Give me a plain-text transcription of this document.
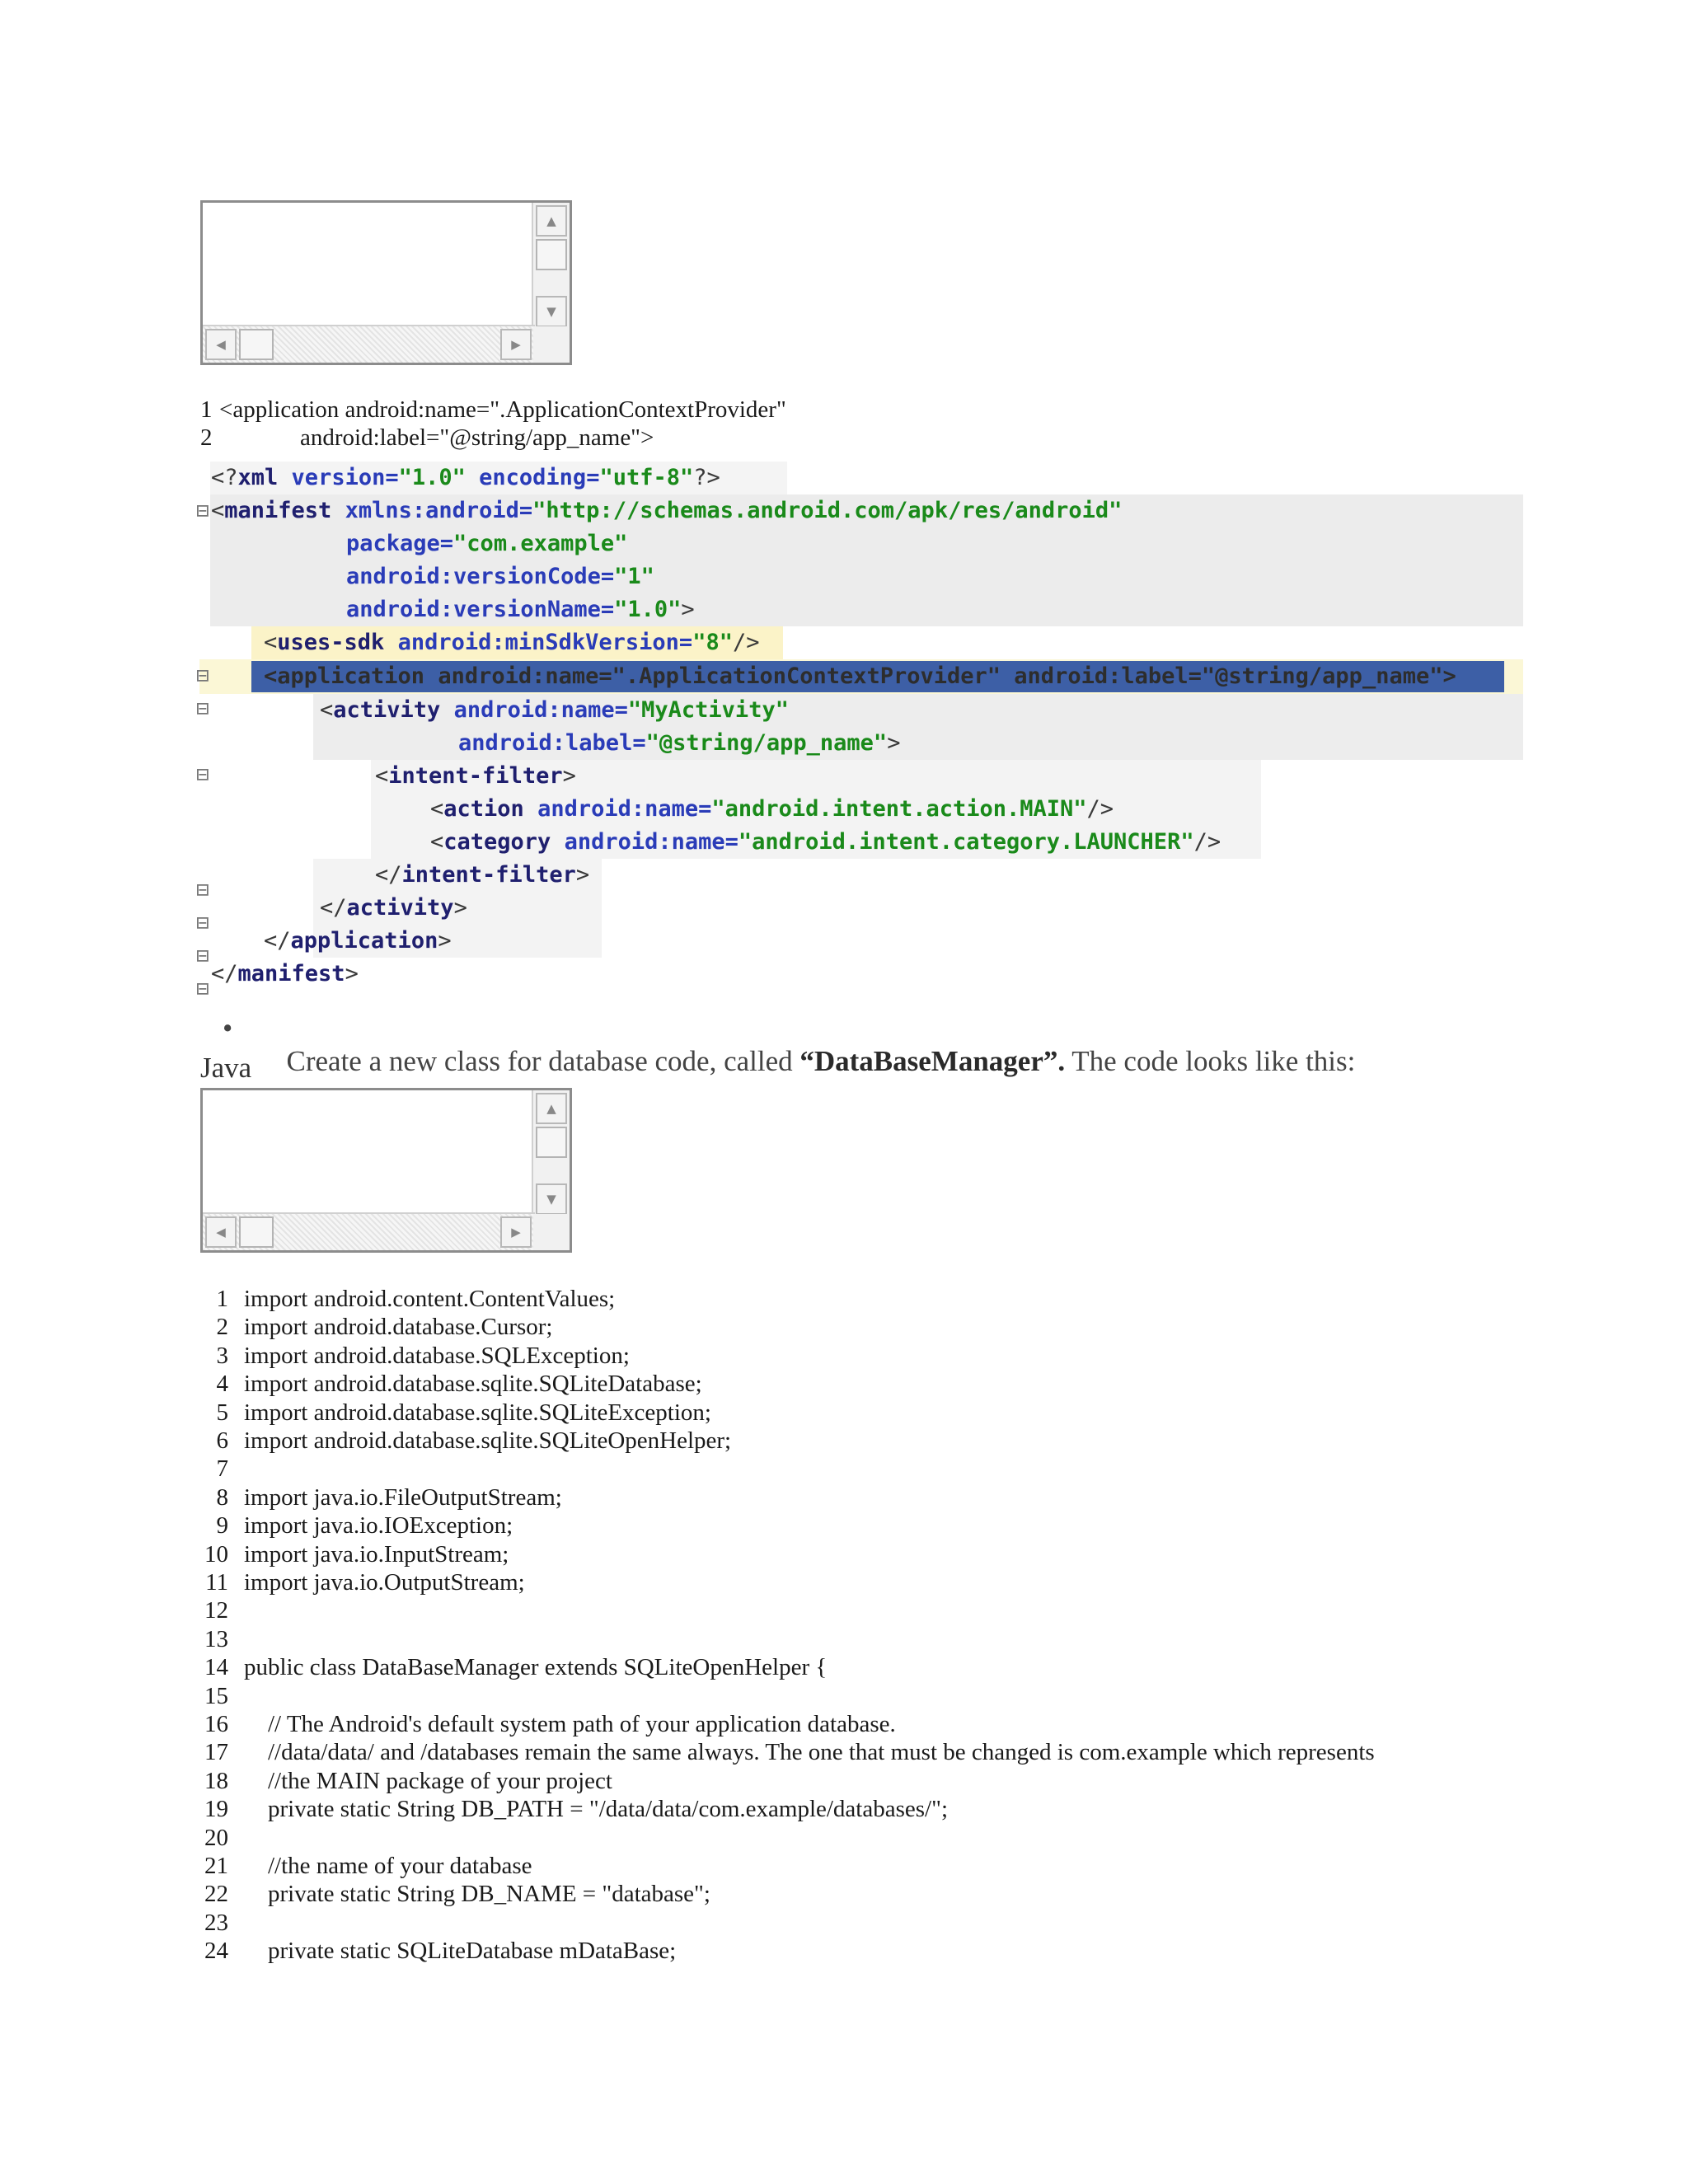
▲
▼
◀	▶
1 <application android:name=".ApplicationContextProvider"
2	android:label="@string/app_name">
⊟
⊟
⊟
⊟
⊟
⊟
⊟
⊟
<?xml version="1.0" encoding="utf-8"?>
<manifest xmlns:android="http://schemas.android.com/apk/res/android"
package="com.example"
android:versionCode="1"
android:versionName="1.0">
<uses-sdk android:minSdkVersion="8"/>
<application android:name=".ApplicationContextProvider" android:label="@string/app_name">
<activity android:name="MyActivity"
android:label="@string/app_name">
<intent-filter>
<action android:name="android.intent.action.MAIN"/>
<category android:name="android.intent.category.LAUNCHER"/>
</intent-filter>
</activity>
</application>
</manifest>

•
Create a new class for database code, called “DataBaseManager”. The code looks like this:

Java
▲
▼
◀	▶
1 import android.content.ContentValues;
2 import android.database.Cursor;
3 import android.database.SQLException;
4 import android.database.sqlite.SQLiteDatabase;
5 import android.database.sqlite.SQLiteException;
6 import android.database.sqlite.SQLiteOpenHelper;
7
8 import java.io.FileOutputStream;
9 import java.io.IOException;
10 import java.io.InputStream;
11 import java.io.OutputStream;
12
13
14 public class DataBaseManager extends SQLiteOpenHelper {
15
16 // The Android's default system path of your application database.
17 //data/data/ and /databases remain the same always. The one that must be changed is com.example which represents
18 //the MAIN package of your project
19 private static String DB_PATH = "/data/data/com.example/databases/";
20
21 //the name of your database
22 private static String DB_NAME = "database";
23
24 private static SQLiteDatabase mDataBase;
